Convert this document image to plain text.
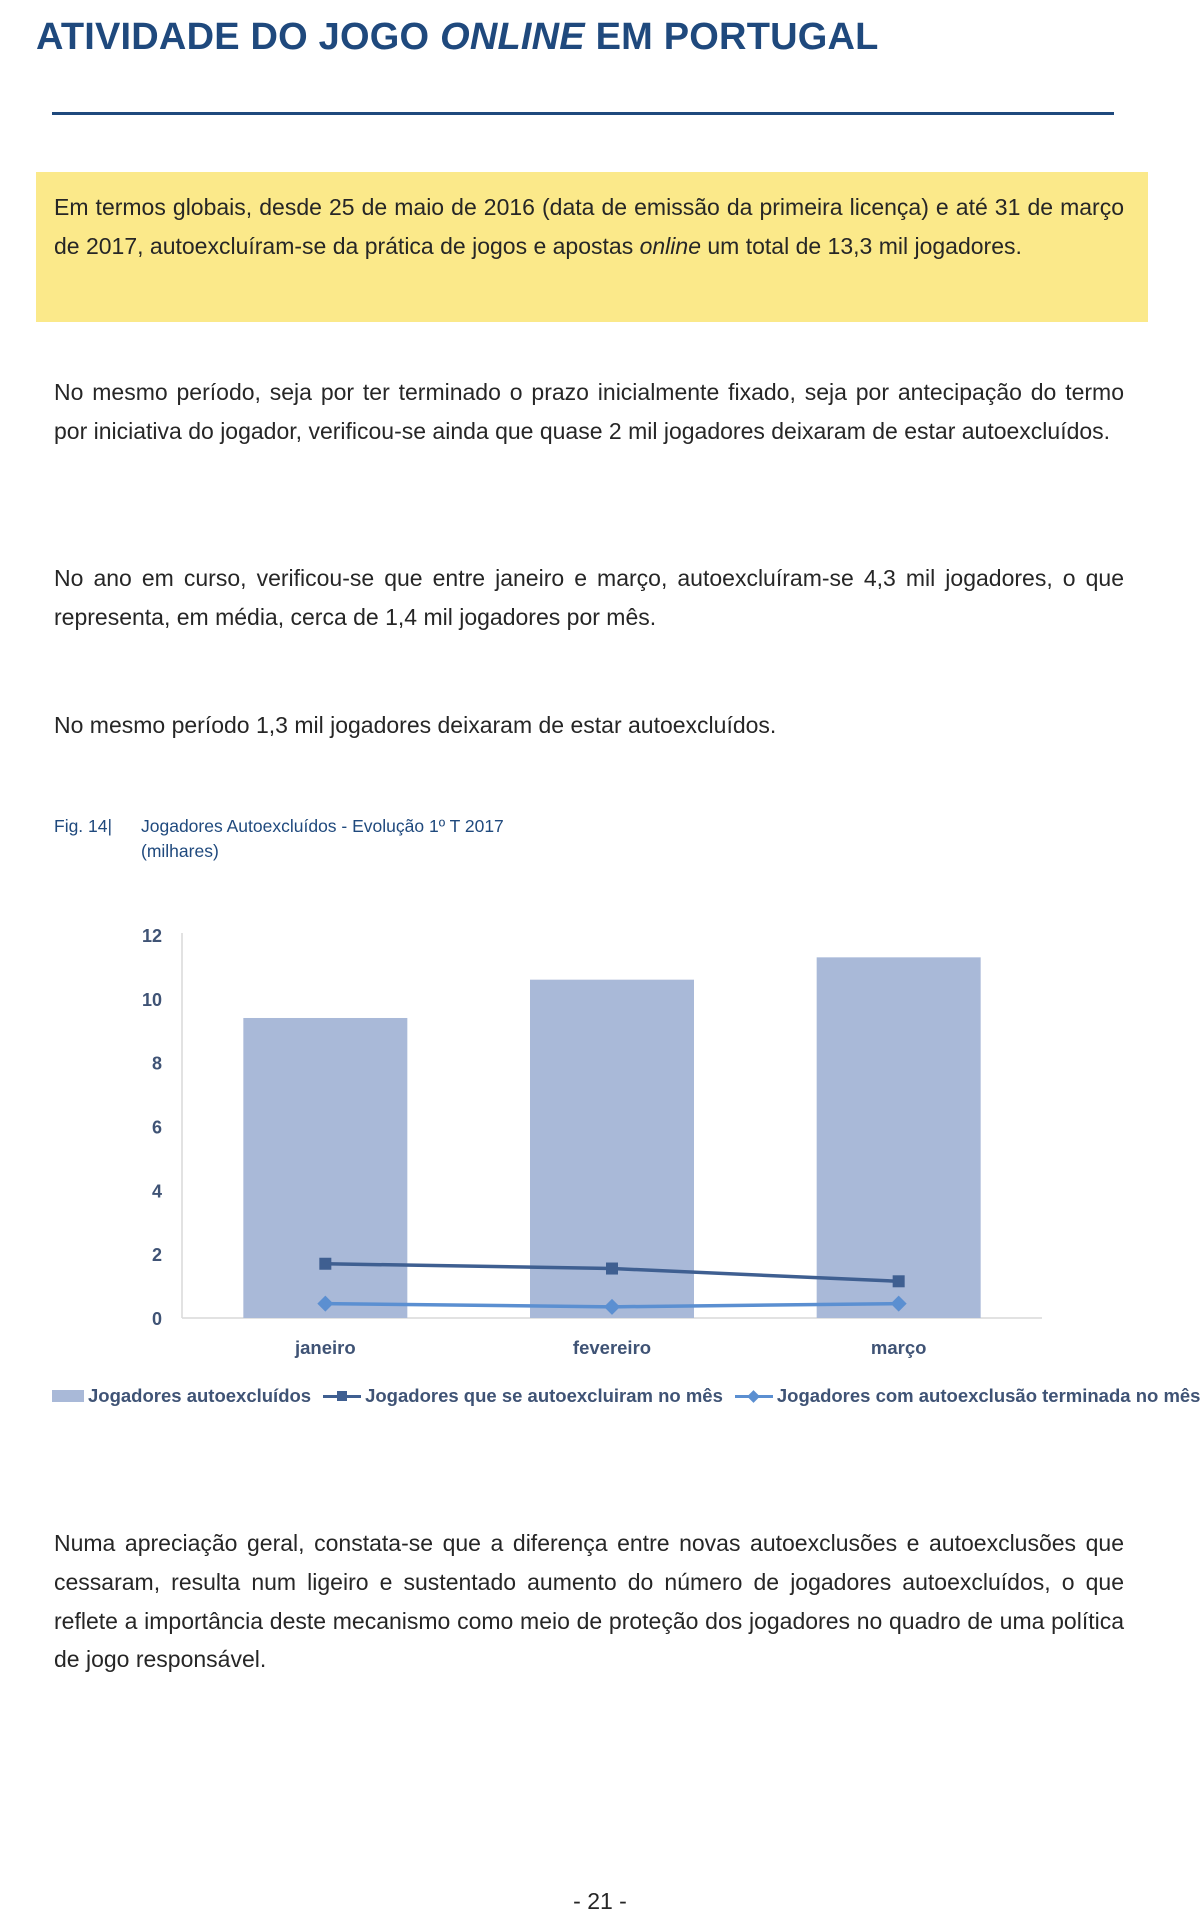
ATIVIDADE DO JOGO ONLINE EM PORTUGAL

Em termos globais, desde 25 de maio de 2016 (data de emissão da primeira licença) e até 31 de março de 2017, autoexcluíram-se da prática de jogos e apostas online um total de 13,3 mil jogadores.

No mesmo período, seja por ter terminado o prazo inicialmente fixado, seja por antecipação do termo por iniciativa do jogador, verificou-se ainda que quase 2 mil jogadores deixaram de estar autoexcluídos.

No ano em curso, verificou-se que entre janeiro e março, autoexcluíram-se 4,3 mil jogadores, o que representa, em média, cerca de 1,4 mil jogadores por mês.

No mesmo período 1,3 mil jogadores deixaram de estar autoexcluídos.

Fig. 14| Jogadores Autoexcluídos - Evolução 1º T 2017
(milhares)
0
2
4
6
8
10
12
janeiro	fevereiro	março
Jogadores autoexcluídos	Jogadores que se autoexcluiram no mês	Jogadores com autoexclusão terminada no mês

Numa apreciação geral, constata-se que a diferença entre novas autoexclusões e autoexclusões que cessaram, resulta num ligeiro e sustentado aumento do número de jogadores autoexcluídos, o que reflete a importância deste mecanismo como meio de proteção dos jogadores no quadro de uma política de jogo responsável.

- 21 -
